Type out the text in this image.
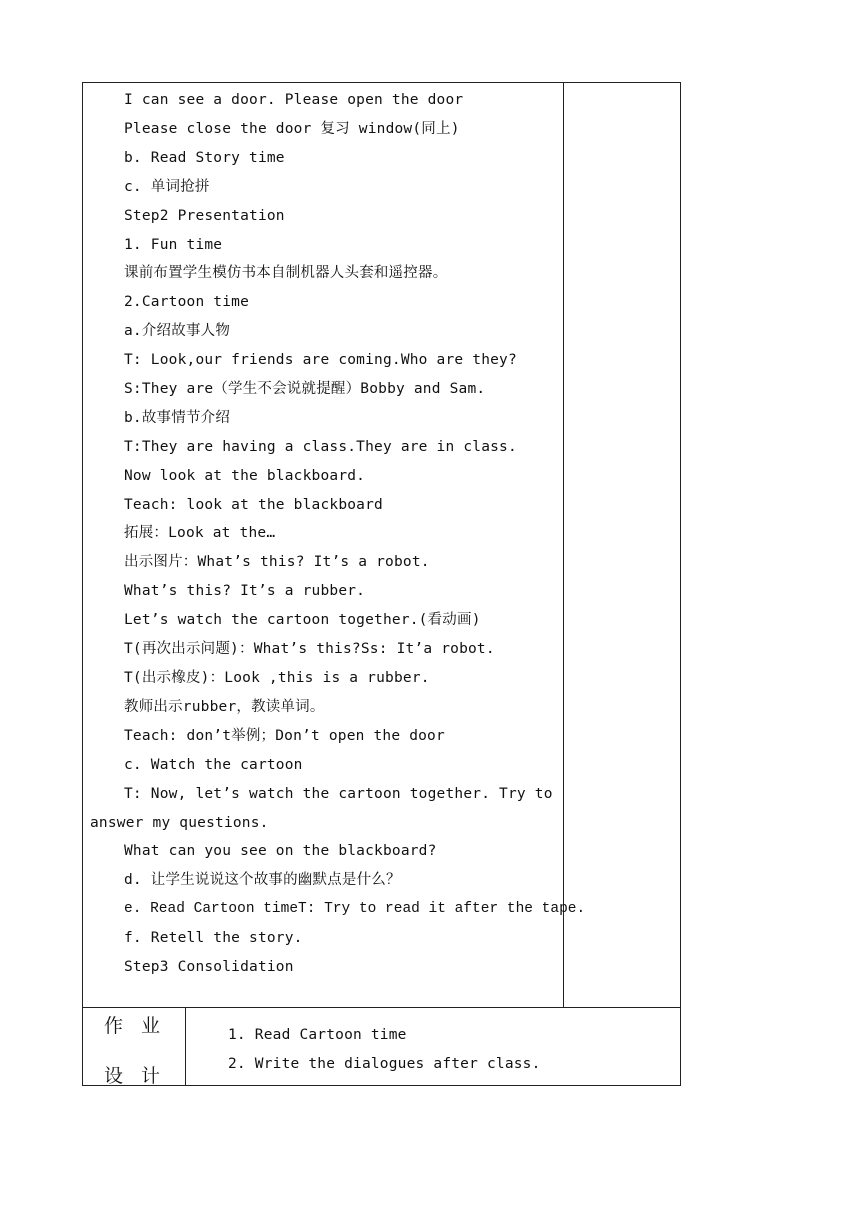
I can see a door. Please open the door
Please close the door 复习 window(同上)
b. Read Story time
c. 单词抢拼
Step2 Presentation
1. Fun time
课前布置学生模仿书本自制机器人头套和遥控器。
2.Cartoon time
a.介绍故事人物
T: Look,our friends are coming.Who are they?
S:They are（学生不会说就提醒）Bobby and Sam.
b.故事情节介绍
T:They are having a class.They are in class.
Now look at the blackboard.
Teach: look at the blackboard
拓展：Look at the…
出示图片：What’s this? It’s a robot.
What’s this? It’s a rubber.
Let’s watch the cartoon together.(看动画)
T(再次出示问题)：What’s this?Ss: It’a robot.
T(出示橡皮)：Look ,this is a rubber.
教师出示rubber，教读单词。
Teach: don’t举例；Don’t open the door
c. Watch the cartoon
T: Now, let’s watch the cartoon together. Try to
answer my questions.
What can you see on the blackboard?
d. 让学生说说这个故事的幽默点是什么？
e. Read Cartoon timeT: Try to read it after the tape.
f. Retell the story.
Step3 Consolidation
作业
设计
1. Read Cartoon time
2. Write the dialogues after class.
